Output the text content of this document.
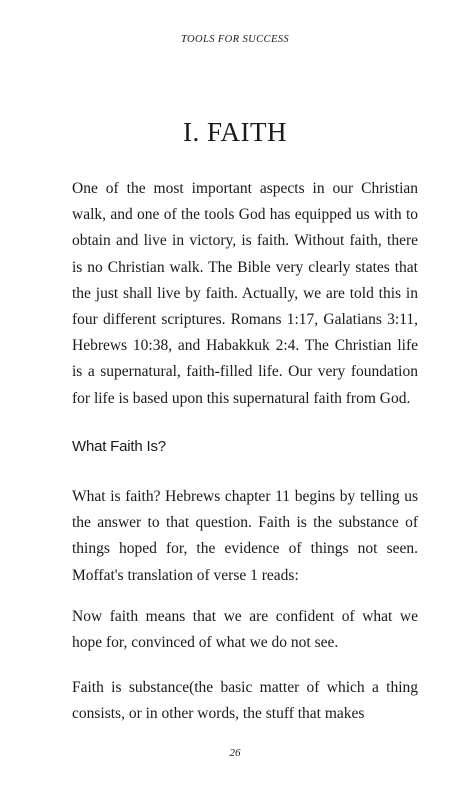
TOOLS FOR SUCCESS
I. FAITH

One of the most important aspects in our Christian walk, and one of the tools God has equipped us with to obtain and live in victory, is faith. Without faith, there is no Christian walk. The Bible very clearly states that the just shall live by faith. Actually, we are told this in four different scriptures. Romans 1:17, Galatians 3:11, Hebrews 10:38, and Habakkuk 2:4. The Christian life is a supernatural, faith-filled life. Our very foundation for life is based upon this supernatural faith from God.

What Faith Is?

What is faith? Hebrews chapter 11 begins by telling us the answer to that question. Faith is the substance of things hoped for, the evidence of things not seen. Moffat's translation of verse 1 reads:

Now faith means that we are confident of what we hope for, convinced of what we do not see.

Faith is substance(the basic matter of which a thing consists, or in other words, the stuff that makes

26
